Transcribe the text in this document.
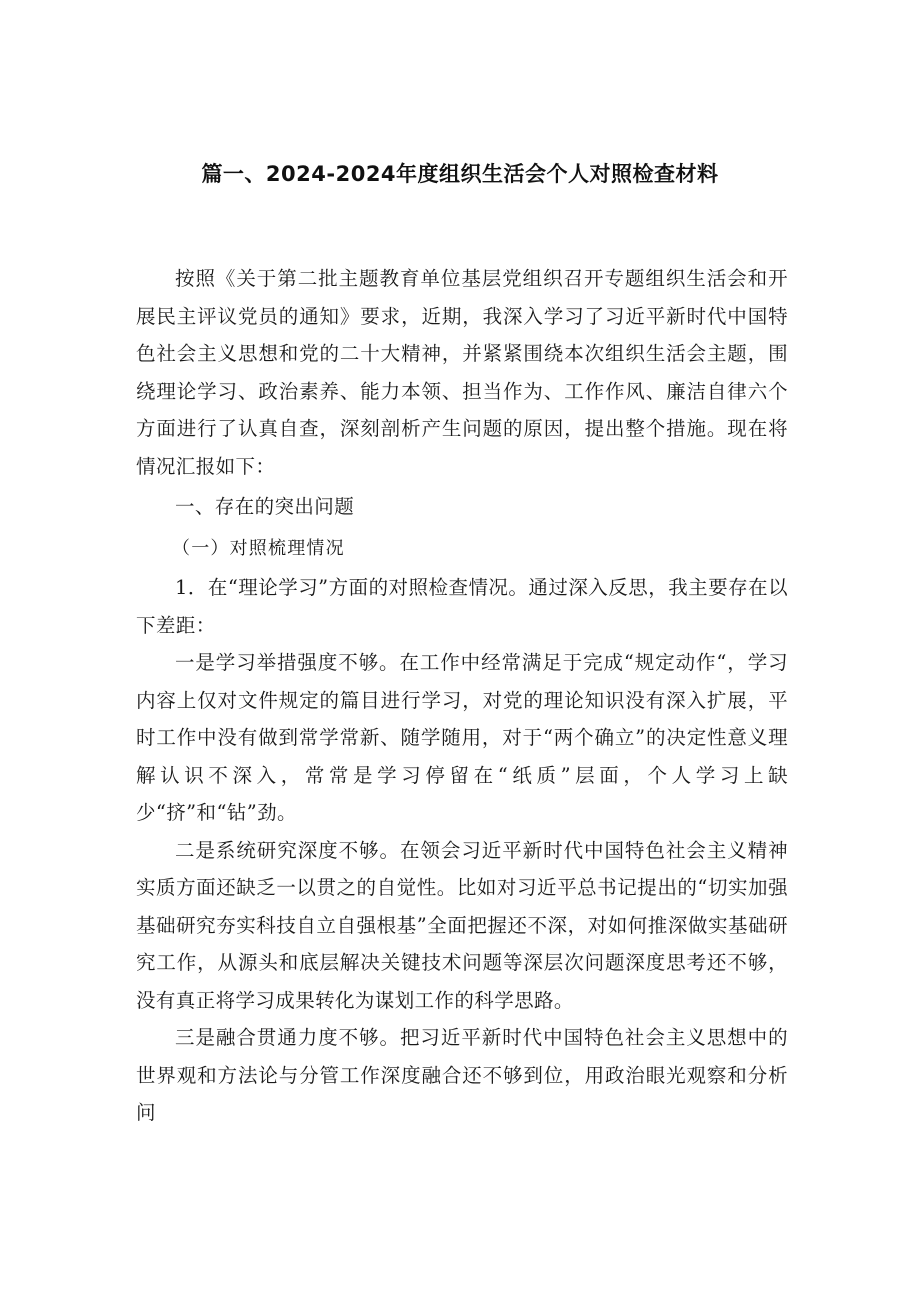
篇一、2024-2024年度组织生活会个人对照检查材料

按照《关于第二批主题教育单位基层党组织召开专题组织生活会和开展民主评议党员的通知》要求，近期，我深入学习了习近平新时代中国特色社会主义思想和党的二十大精神，并紧紧围绕本次组织生活会主题，围绕理论学习、政治素养、能力本领、担当作为、工作作风、廉洁自律六个方面进行了认真自查，深刻剖析产生问题的原因，提出整个措施。现在将情况汇报如下：

一、存在的突出问题

（一）对照梳理情况

1．在“理论学习”方面的对照检查情况。通过深入反思，我主要存在以下差距：

一是学习举措强度不够。在工作中经常满足于完成“规定动作“，学习内容上仅对文件规定的篇目进行学习，对党的理论知识没有深入扩展，平时工作中没有做到常学常新、随学随用，对于“两个确立”的决定性意义理解认识不深入，常常是学习停留在“纸质”层面，个人学习上缺少“挤”和“钻”劲。

二是系统研究深度不够。在领会习近平新时代中国特色社会主义精神实质方面还缺乏一以贯之的自觉性。比如对习近平总书记提出的“切实加强基础研究夯实科技自立自强根基”全面把握还不深，对如何推深做实基础研究工作，从源头和底层解决关键技术问题等深层次问题深度思考还不够，没有真正将学习成果转化为谋划工作的科学思路。

三是融合贯通力度不够。把习近平新时代中国特色社会主义思想中的世界观和方法论与分管工作深度融合还不够到位，用政治眼光观察和分析问
